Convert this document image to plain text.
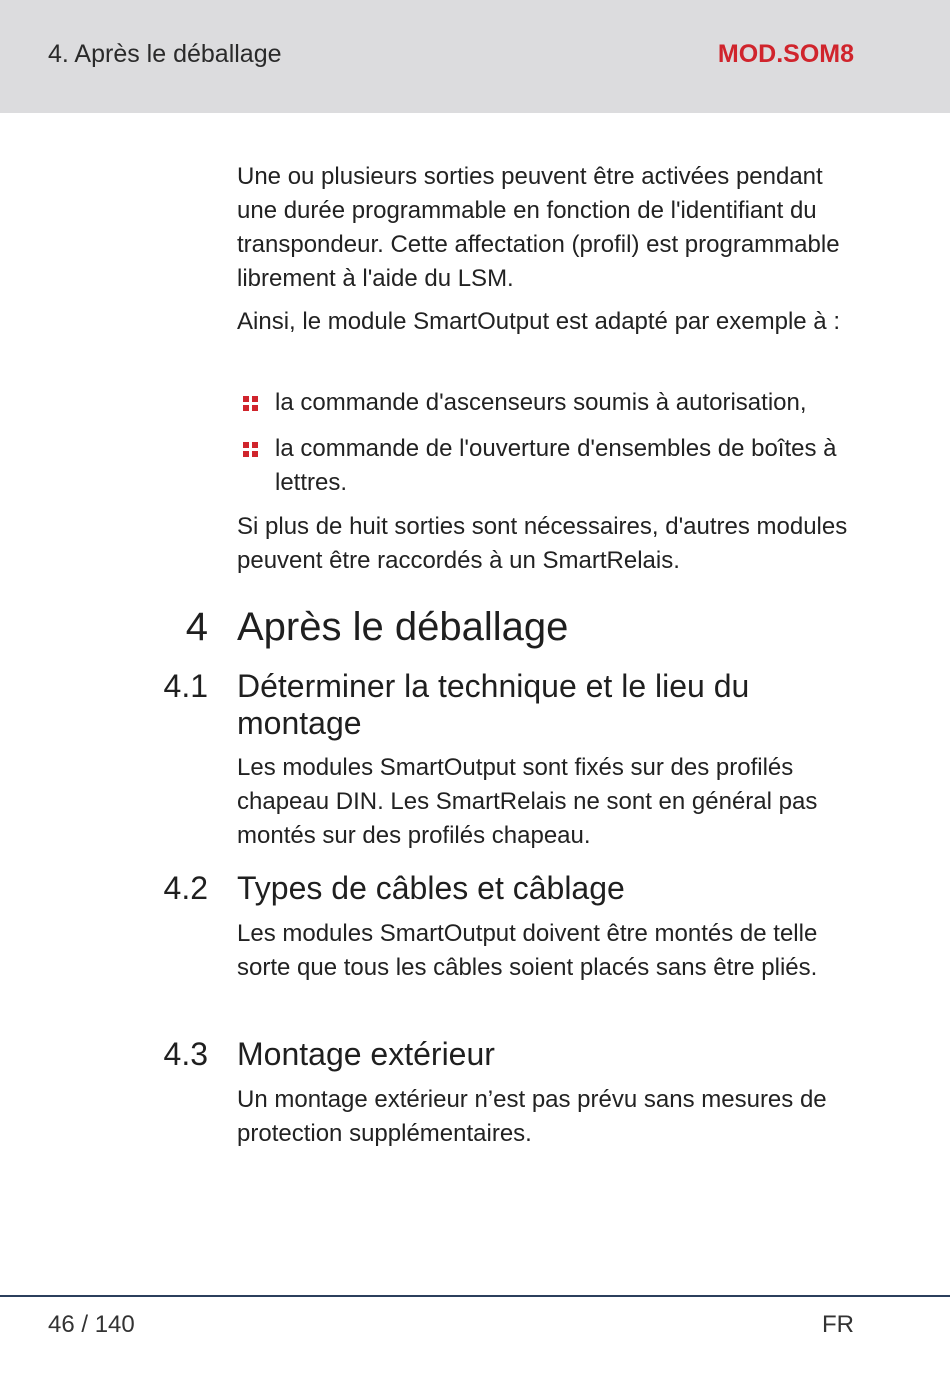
4. Après le déballage	MOD.SOM8

Une ou plusieurs sorties peuvent être activées pendant une durée programmable en fonction de l'identifiant du transpondeur. Cette affectation (profil) est programmable librement à l'aide du LSM.

Ainsi, le module SmartOutput est adapté par exemple à :

la commande d'ascenseurs soumis à autorisation,
la commande de l'ouverture d'ensembles de boîtes à lettres.

Si plus de huit sorties sont nécessaires, d'autres modules peuvent être raccordés à un SmartRelais.

4 Après le déballage
4.1 Déterminer la technique et le lieu du montage

Les modules SmartOutput sont fixés sur des profilés chapeau DIN. Les SmartRelais ne sont en général pas montés sur des profilés chapeau.

4.2 Types de câbles et câblage

Les modules SmartOutput doivent être montés de telle sorte que tous les câbles soient placés sans être pliés.

4.3 Montage extérieur

Un montage extérieur n’est pas prévu sans mesures de protection supplémentaires.

46 / 140	FR
